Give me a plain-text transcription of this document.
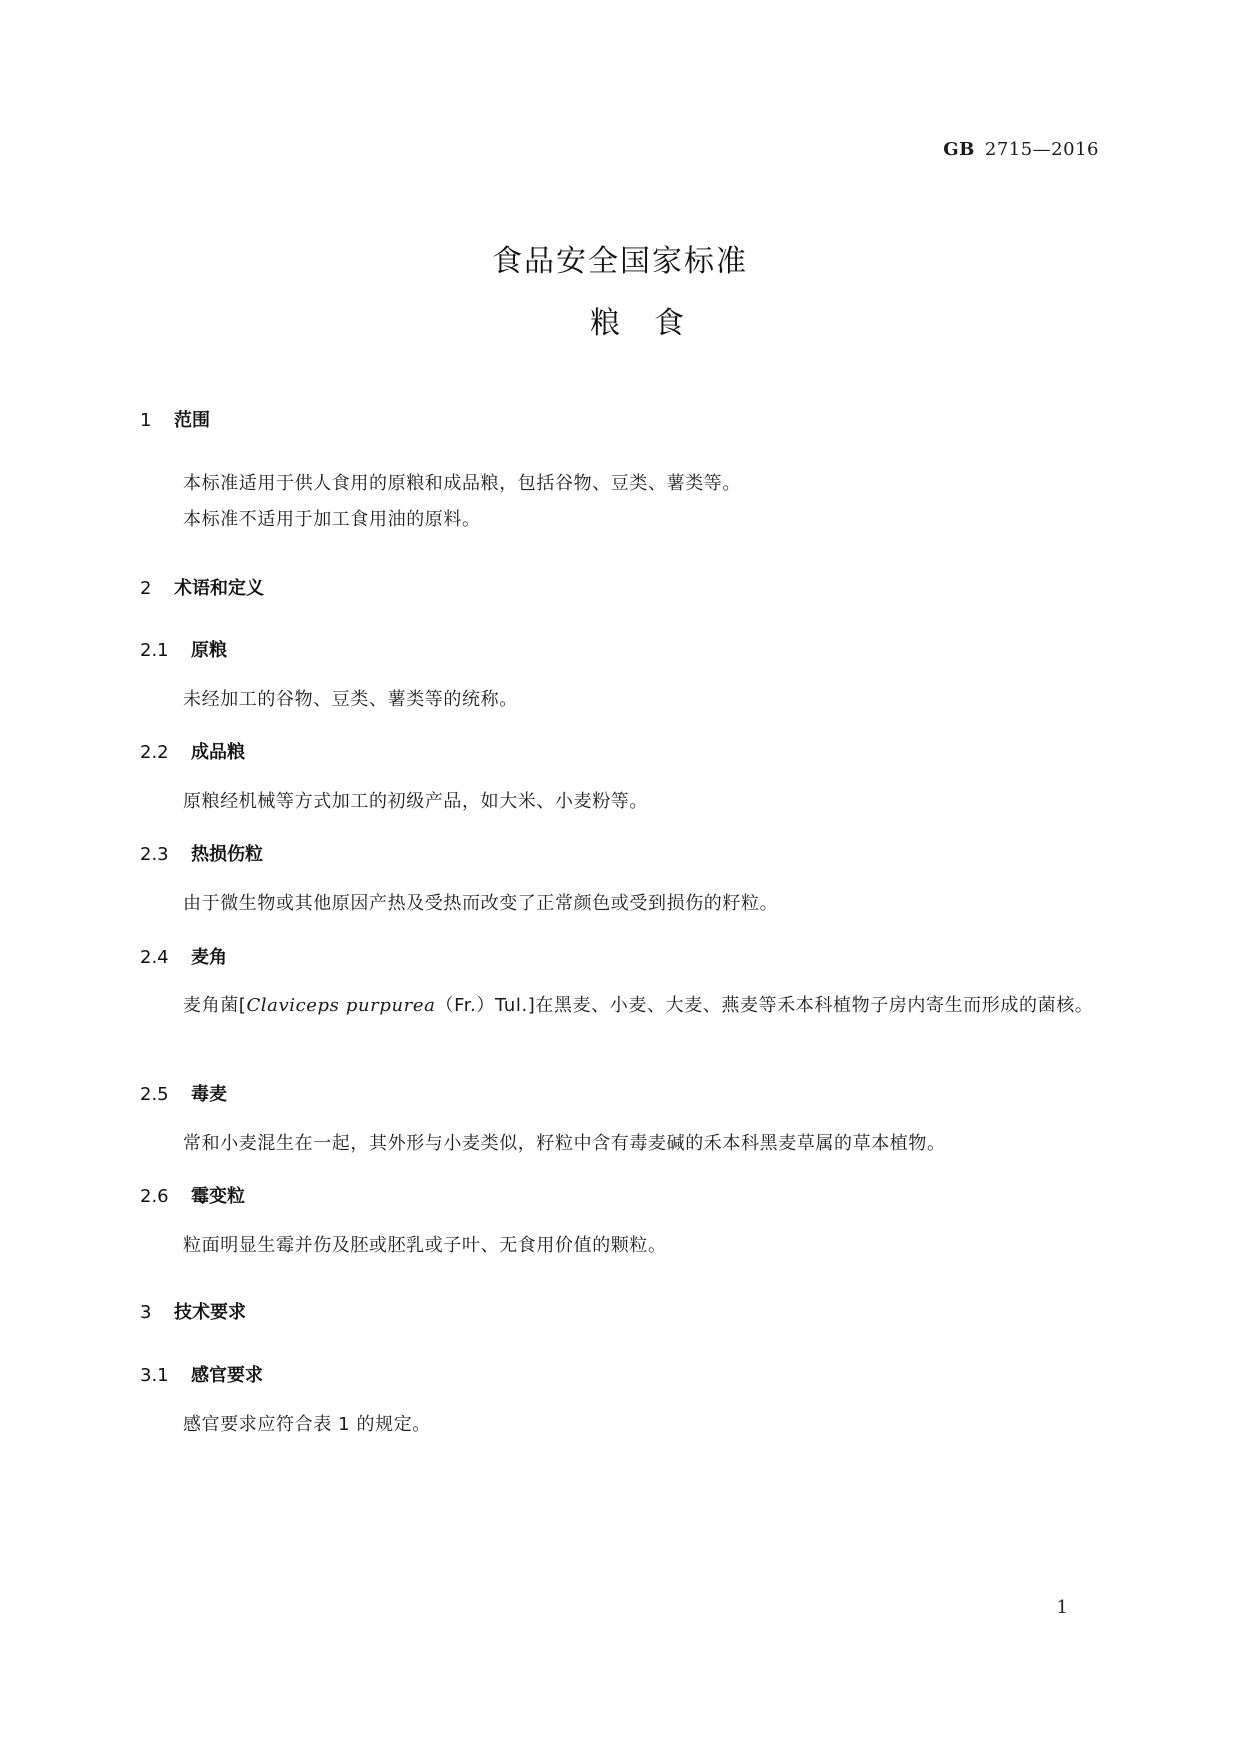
GB 2715—2016
食品安全国家标准
粮食
1 范围
本标准适用于供人食用的原粮和成品粮，包括谷物、豆类、薯类等。
本标准不适用于加工食用油的原料。
2 术语和定义
2.1 原粮
未经加工的谷物、豆类、薯类等的统称。
2.2 成品粮
原粮经机械等方式加工的初级产品，如大米、小麦粉等。
2.3 热损伤粒
由于微生物或其他原因产热及受热而改变了正常颜色或受到损伤的籽粒。
2.4 麦角
麦角菌[Claviceps purpurea（Fr.）Tul.]在黑麦、小麦、大麦、燕麦等禾本科植物子房内寄生而形成的菌核。
2.5 毒麦
常和小麦混生在一起，其外形与小麦类似，籽粒中含有毒麦碱的禾本科黑麦草属的草本植物。
2.6 霉变粒
粒面明显生霉并伤及胚或胚乳或子叶、无食用价值的颗粒。
3 技术要求
3.1 感官要求
感官要求应符合表 1 的规定。
1
